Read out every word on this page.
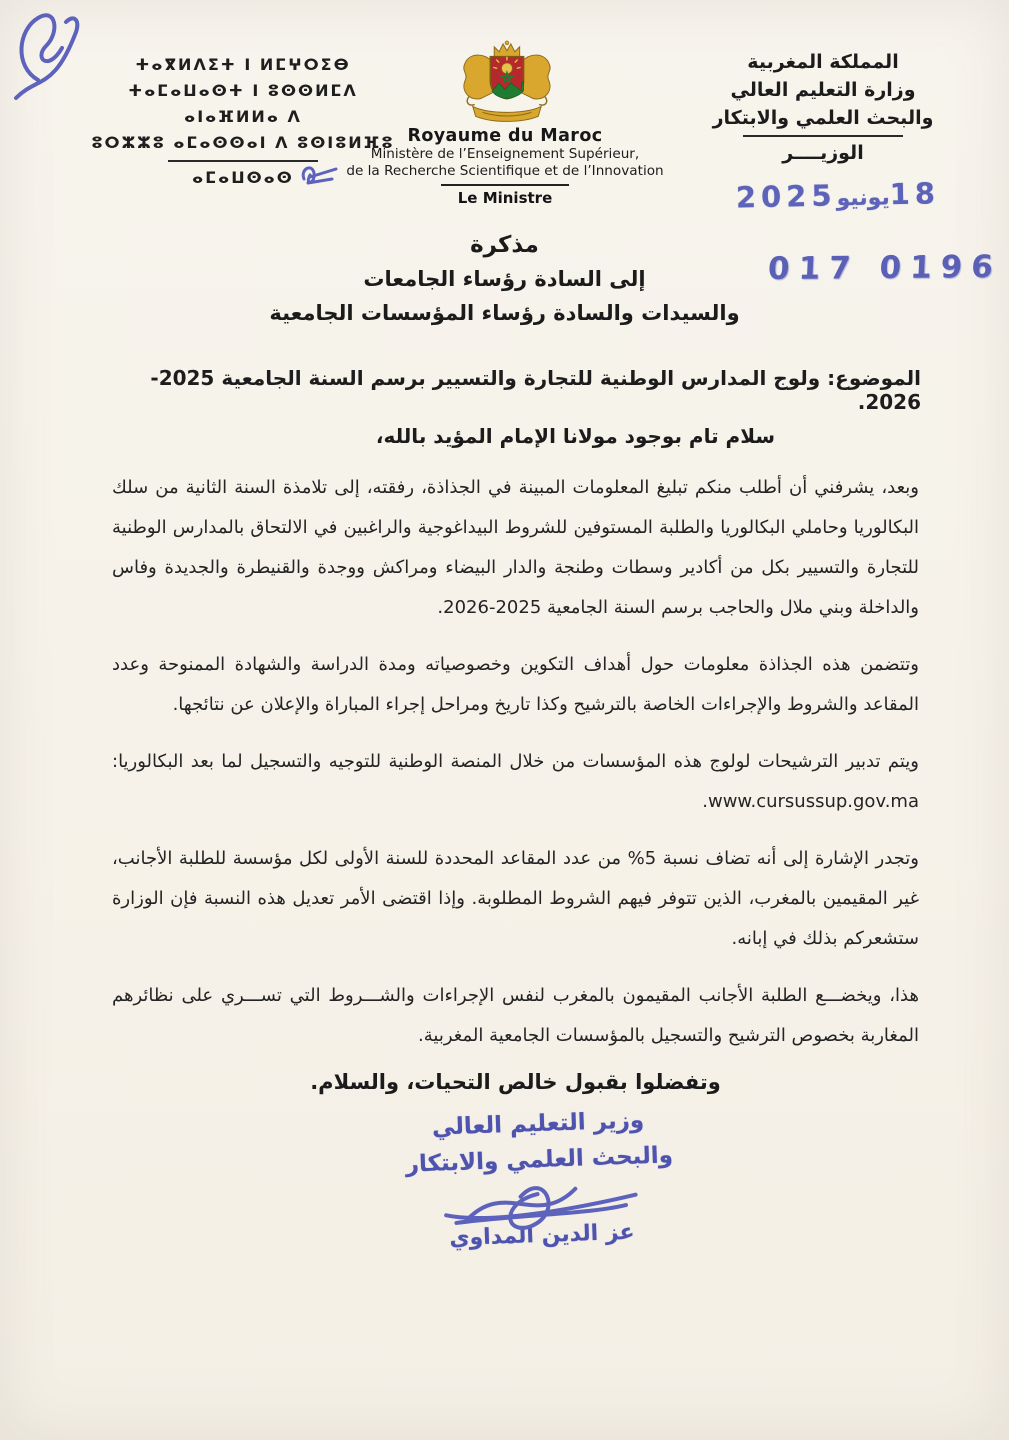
ⵜⴰⴳⵍⴷⵉⵜ ⵏ ⵍⵎⵖⵔⵉⴱ
ⵜⴰⵎⴰⵡⴰⵙⵜ ⵏ ⵓⵙⵙⵍⵎⴷ ⴰⵏⴰⴼⵍⵍⴰ ⴷ
ⵓⵔⵣⵣⵓ ⴰⵎⴰⵙⵙⴰⵏ ⴷ ⵓⵙⵏⵓⵍⴼⵓ
ⴰⵎⴰⵡⵙⴰⵙ
Royaume du Maroc
Ministère de l’Enseignement Supérieur,
de la Recherche Scientifique et de l’Innovation
Le Ministre
المملكة المغربية
وزارة التعليم العالي
والبحث العلمي والابتكار
الوزيــــر
18
يونيو
2025
017 0196
مذكرة
إلى السادة رؤساء الجامعات
والسيدات والسادة رؤساء المؤسسات الجامعية
الموضوع: ولوج المدارس الوطنية للتجارة والتسيير برسم السنة الجامعية 2025-2026.
سلام تام بوجود مولانا الإمام المؤيد بالله،

وبعد، يشرفني أن أطلب منكم تبليغ المعلومات المبينة في الجذاذة، رفقته، إلى تلامذة السنة الثانية من سلك البكالوريا وحاملي البكالوريا والطلبة المستوفين للشروط البيداغوجية والراغبين في الالتحاق بالمدارس الوطنية للتجارة والتسيير بكل من أكادير وسطات وطنجة والدار البيضاء ومراكش ووجدة والقنيطرة والجديدة وفاس والداخلة وبني ملال والحاجب برسم السنة الجامعية 2025-2026.

وتتضمن هذه الجذاذة معلومات حول أهداف التكوين وخصوصياته ومدة الدراسة والشهادة الممنوحة وعدد المقاعد والشروط والإجراءات الخاصة بالترشيح وكذا تاريخ ومراحل إجراء المباراة والإعلان عن نتائجها.

ويتم تدبير الترشيحات لولوج هذه المؤسسات من خلال المنصة الوطنية للتوجيه والتسجيل لما بعد البكالوريا: www.cursussup.gov.ma.

وتجدر الإشارة إلى أنه تضاف نسبة 5% من عدد المقاعد المحددة للسنة الأولى لكل مؤسسة للطلبة الأجانب، غير المقيمين بالمغرب، الذين تتوفر فيهم الشروط المطلوبة. وإذا اقتضى الأمر تعديل هذه النسبة فإن الوزارة ستشعركم بذلك في إبانه.

هذا، ويخضـــع الطلبة الأجانب المقيمون بالمغرب لنفس الإجراءات والشـــروط التي تســـري على نظائرهم المغاربة بخصوص الترشيح والتسجيل بالمؤسسات الجامعية المغربية.

وتفضلوا بقبول خالص التحيات، والسلام.
وزير التعليم العالي
والبحث العلمي والابتكار
عز الدين المداوي
